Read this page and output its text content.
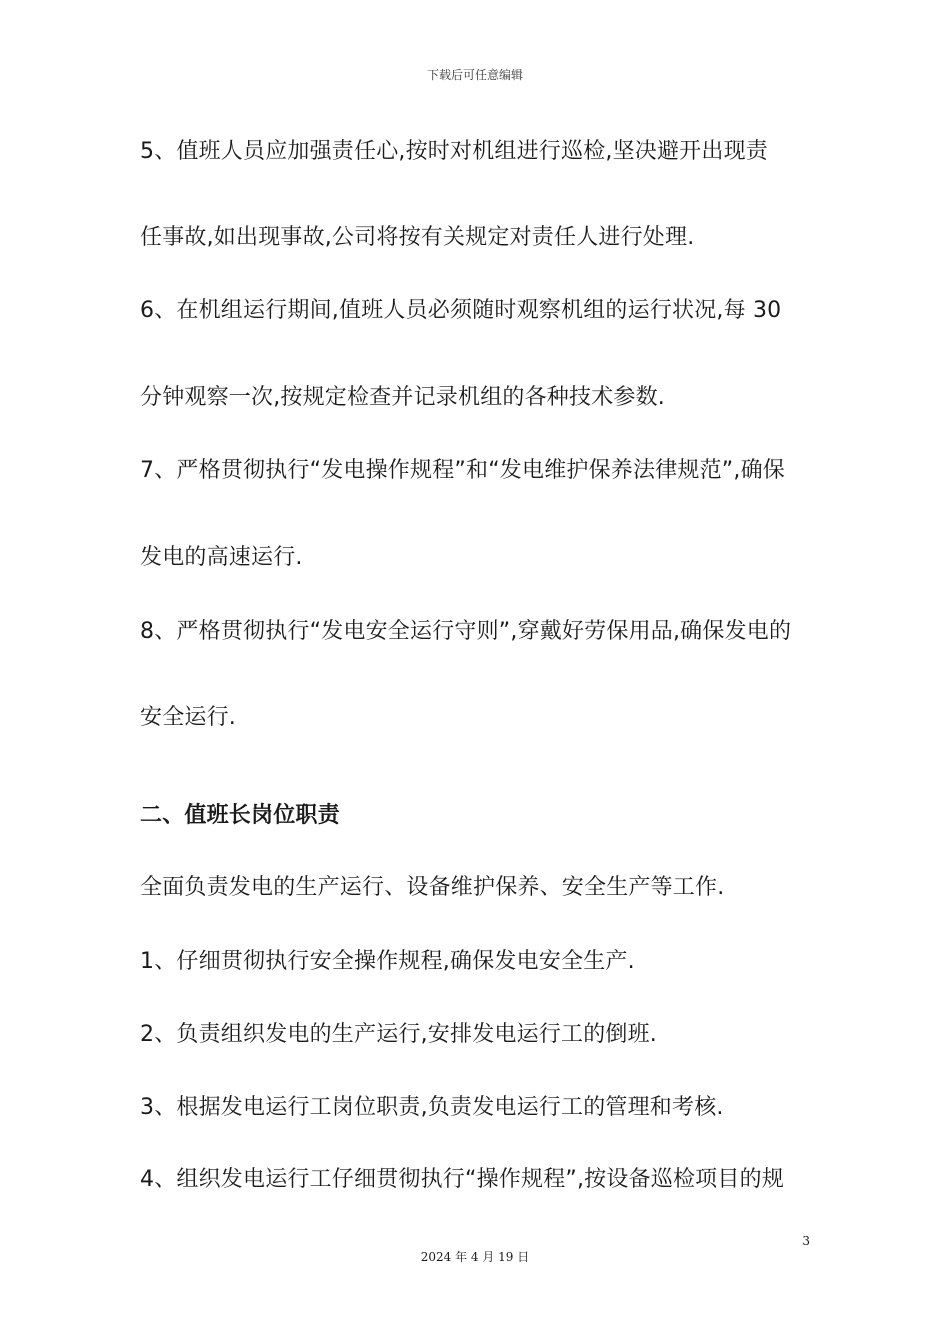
下载后可任意编辑
5、值班人员应加强责任心,按时对机组进行巡检,坚决避开出现责
任事故,如出现事故,公司将按有关规定对责任人进行处理.
6、在机组运行期间,值班人员必须随时观察机组的运行状况,每 30
分钟观察一次,按规定检查并记录机组的各种技术参数.
7、严格贯彻执行“发电操作规程”和“发电维护保养法律规范”,确保
发电的高速运行.
8、严格贯彻执行“发电安全运行守则”,穿戴好劳保用品,确保发电的
安全运行.
二、值班长岗位职责
全面负责发电的生产运行、设备维护保养、安全生产等工作.
1、仔细贯彻执行安全操作规程,确保发电安全生产.
2、负责组织发电的生产运行,安排发电运行工的倒班.
3、根据发电运行工岗位职责,负责发电运行工的管理和考核.
4、组织发电运行工仔细贯彻执行“操作规程”,按设备巡检项目的规
3
2024 年 4 月 19 日
